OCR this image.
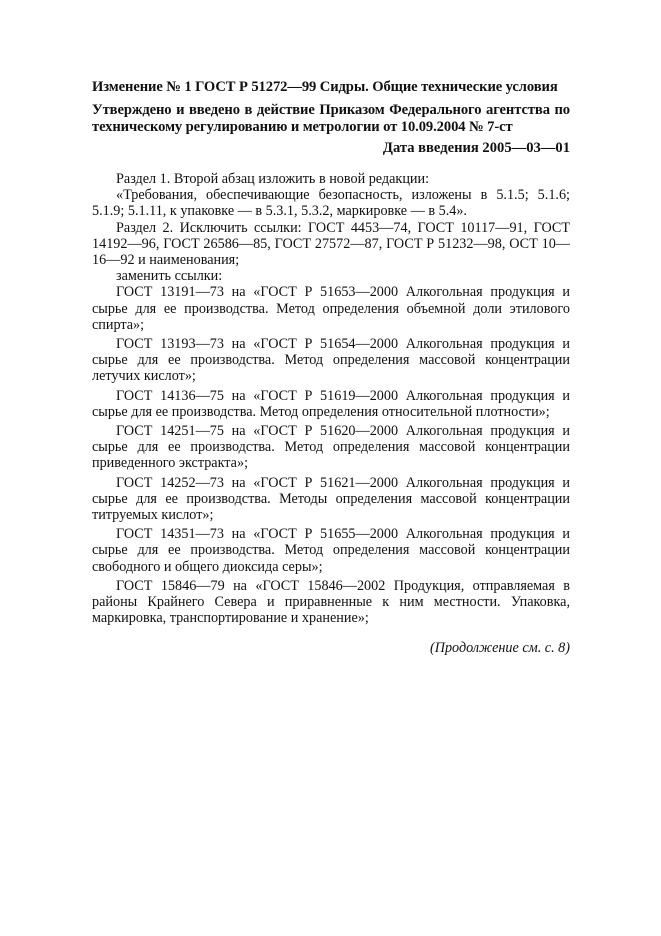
Изменение № 1 ГОСТ Р 51272—99 Сидры. Общие технические условия
Утверждено и введено в действие Приказом Федерального агентства по техническому регулированию и метрологии от 10.09.2004 № 7-ст
Дата введения 2005—03—01

Раздел 1. Второй абзац изложить в новой редакции:

«Требования, обеспечивающие безопасность, изложены в 5.1.5; 5.1.6; 5.1.9; 5.1.11, к упаковке — в 5.3.1, 5.3.2, маркировке — в 5.4».

Раздел 2. Исключить ссылки: ГОСТ 4453—74, ГОСТ 10117—91, ГОСТ 14192—96, ГОСТ 26586—85, ГОСТ 27572—87, ГОСТ Р 51232—98, ОСТ 10—16—92 и наименования;

заменить ссылки:

ГОСТ 13191—73 на «ГОСТ Р 51653—2000 Алкогольная продукция и сырье для ее производства. Метод определения объемной доли этилового спирта»;

ГОСТ 13193—73 на «ГОСТ Р 51654—2000 Алкогольная продукция и сырье для ее производства. Метод определения массовой концентрации летучих кислот»;

ГОСТ 14136—75 на «ГОСТ Р 51619—2000 Алкогольная продукция и сырье для ее производства. Метод определения относительной плотности»;

ГОСТ 14251—75 на «ГОСТ Р 51620—2000 Алкогольная продукция и сырье для ее производства. Метод определения массовой концентрации приведенного экстракта»;

ГОСТ 14252—73 на «ГОСТ Р 51621—2000 Алкогольная продукция и сырье для ее производства. Методы определения массовой концентрации титруемых кислот»;

ГОСТ 14351—73 на «ГОСТ Р 51655—2000 Алкогольная продукция и сырье для ее производства. Метод определения массовой концентрации свободного и общего диоксида серы»;

ГОСТ 15846—79 на «ГОСТ 15846—2002 Продукция, отправляемая в районы Крайнего Севера и приравненные к ним местности. Упаковка, маркировка, транспортирование и хранение»;

(Продолжение см. с. 8)
